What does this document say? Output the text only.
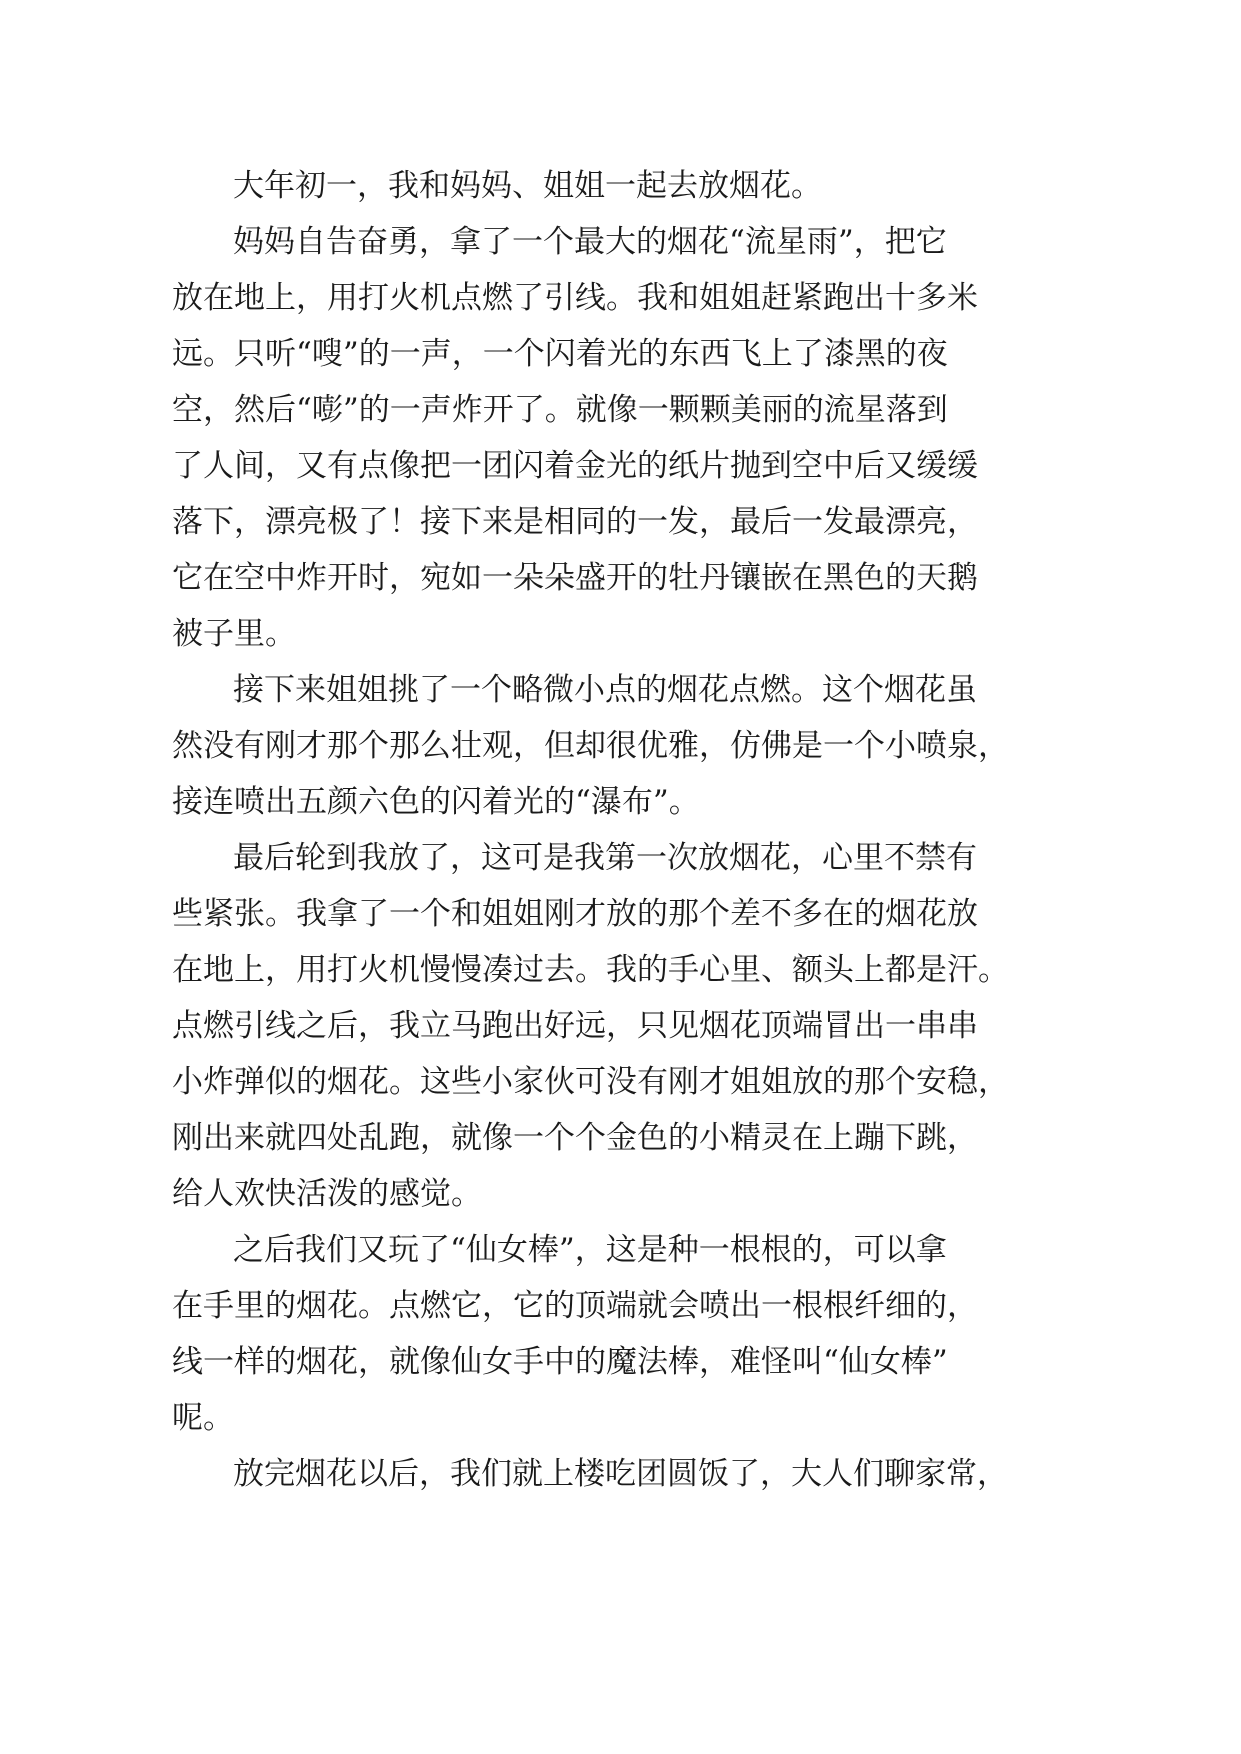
大年初一，我和妈妈、姐姐一起去放烟花。
妈妈自告奋勇，拿了一个最大的烟花“流星雨”，把它
放在地上，用打火机点燃了引线。我和姐姐赶紧跑出十多米
远。只听“嗖”的一声，一个闪着光的东西飞上了漆黑的夜
空，然后“嘭”的一声炸开了。就像一颗颗美丽的流星落到
了人间，又有点像把一团闪着金光的纸片抛到空中后又缓缓
落下，漂亮极了！接下来是相同的一发，最后一发最漂亮，
它在空中炸开时，宛如一朵朵盛开的牡丹镶嵌在黑色的天鹅
被子里。
接下来姐姐挑了一个略微小点的烟花点燃。这个烟花虽
然没有刚才那个那么壮观，但却很优雅，仿佛是一个小喷泉，
接连喷出五颜六色的闪着光的“瀑布”。
最后轮到我放了，这可是我第一次放烟花，心里不禁有
些紧张。我拿了一个和姐姐刚才放的那个差不多在的烟花放
在地上，用打火机慢慢凑过去。我的手心里、额头上都是汗。
点燃引线之后，我立马跑出好远，只见烟花顶端冒出一串串
小炸弹似的烟花。这些小家伙可没有刚才姐姐放的那个安稳，
刚出来就四处乱跑，就像一个个金色的小精灵在上蹦下跳，
给人欢快活泼的感觉。
之后我们又玩了“仙女棒”，这是种一根根的，可以拿
在手里的烟花。点燃它，它的顶端就会喷出一根根纤细的，
线一样的烟花，就像仙女手中的魔法棒，难怪叫“仙女棒”
呢。
放完烟花以后，我们就上楼吃团圆饭了，大人们聊家常，
